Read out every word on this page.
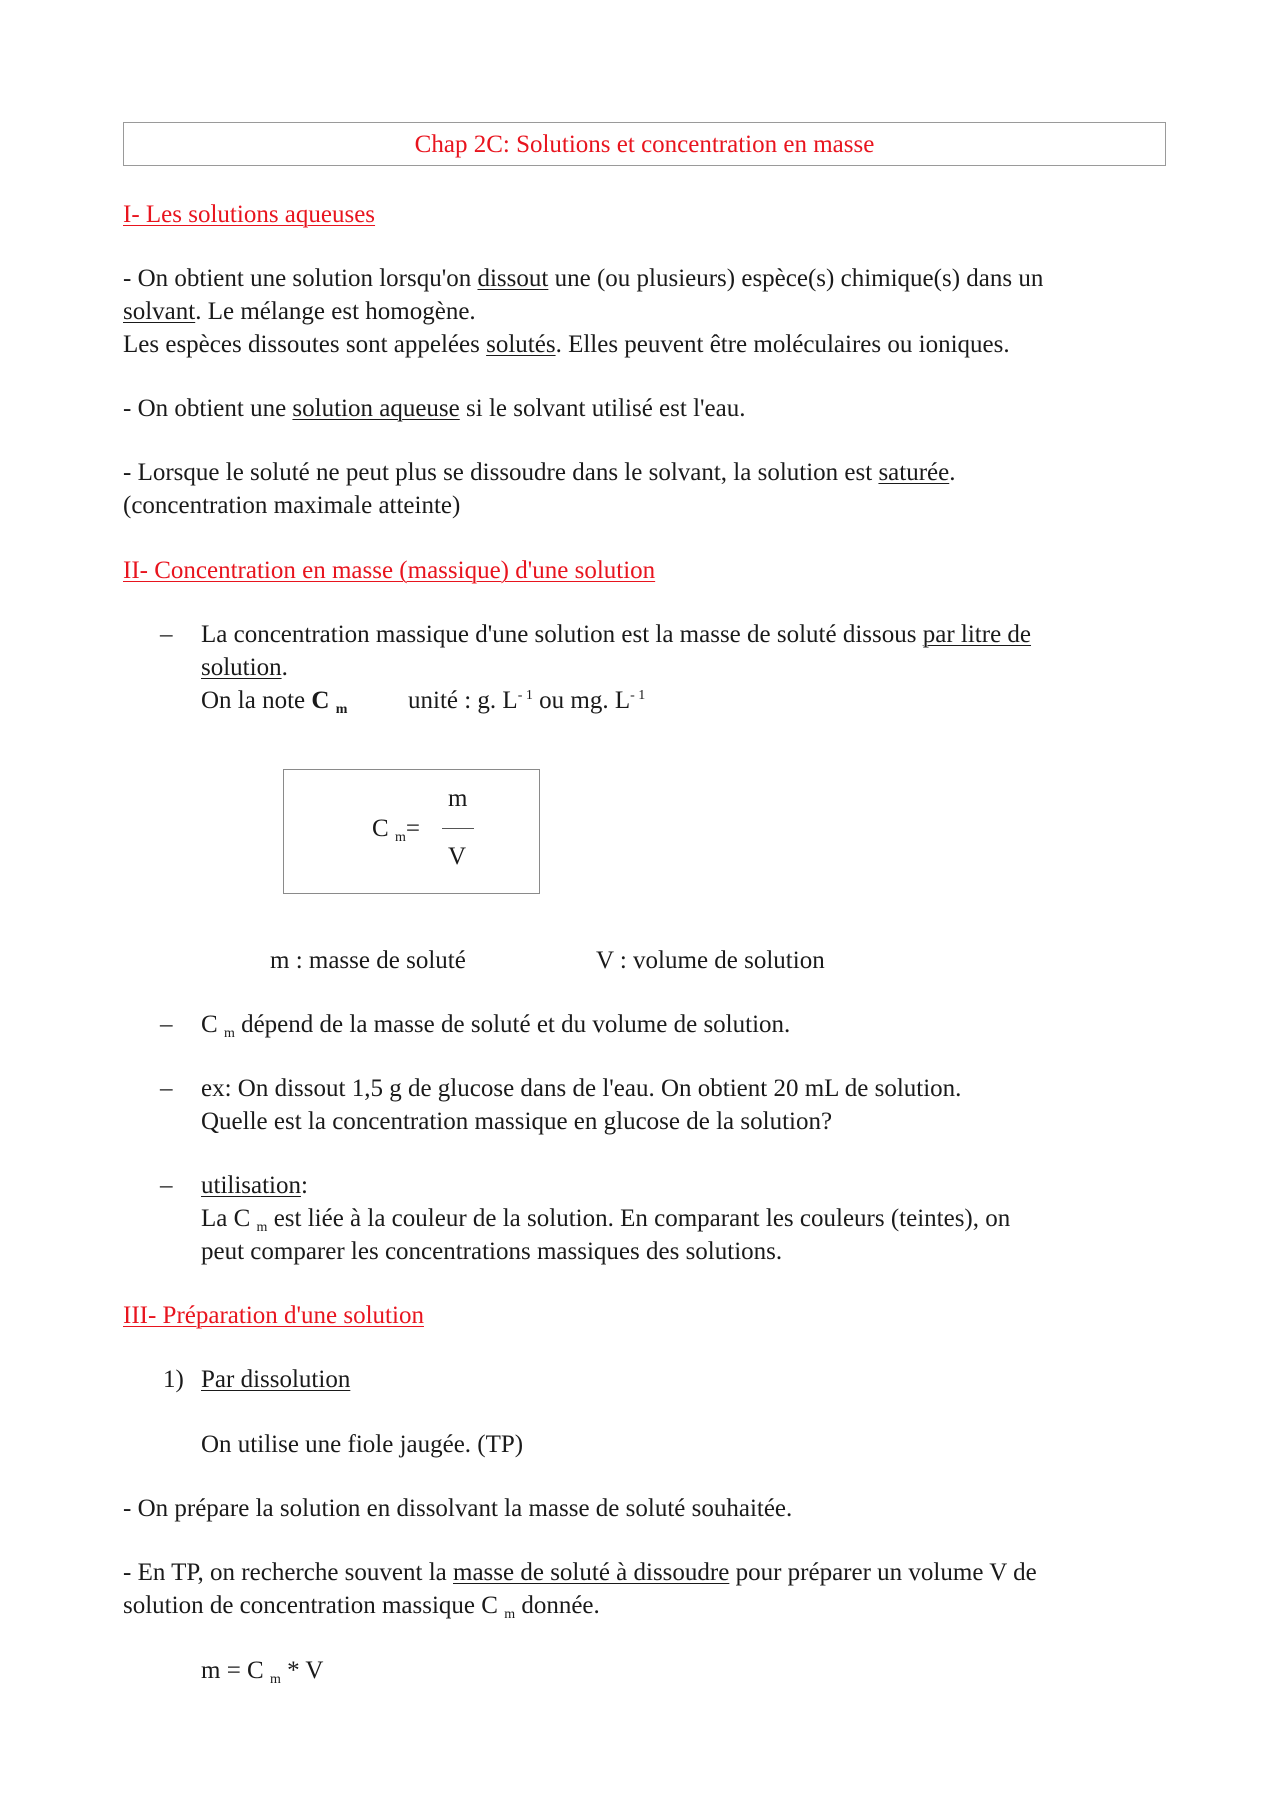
Chap 2C: Solutions et concentration en masse
I- Les solutions aqueuses
- On obtient une solution lorsqu'on dissout une (ou plusieurs) espèce(s) chimique(s) dans un
solvant. Le mélange est homogène.
Les espèces dissoutes sont appelées solutés. Elles peuvent être moléculaires ou ioniques.
- On obtient une solution aqueuse si le solvant utilisé est l'eau.
- Lorsque le soluté ne peut plus se dissoudre dans le solvant, la solution est saturée.
(concentration maximale atteinte)
II- Concentration en masse (massique) d'une solution
–	La concentration massique d'une solution est la masse de soluté dissous par litre de
solution.
On la note C $_m$ unité : g. $L^{- 1}$ ou mg. $L^{- 1}$
C $_m$=
m
V
m : masse de soluté	V : volume de solution
–	C $_m$ dépend de la masse de soluté et du volume de solution.
–	ex: On dissout 1,5 g de glucose dans de l'eau. On obtient 20 mL de solution.
Quelle est la concentration massique en glucose de la solution?
–	utilisation:
La C $_m$ est liée à la couleur de la solution. En comparant les couleurs (teintes), on
peut comparer les concentrations massiques des solutions.
III- Préparation d'une solution
1) Par dissolution
On utilise une fiole jaugée. (TP)
- On prépare la solution en dissolvant la masse de soluté souhaitée.
- En TP, on recherche souvent la masse de soluté à dissoudre pour préparer un volume V de
solution de concentration massique C $_m$ donnée.
m = C $_m$ * V
